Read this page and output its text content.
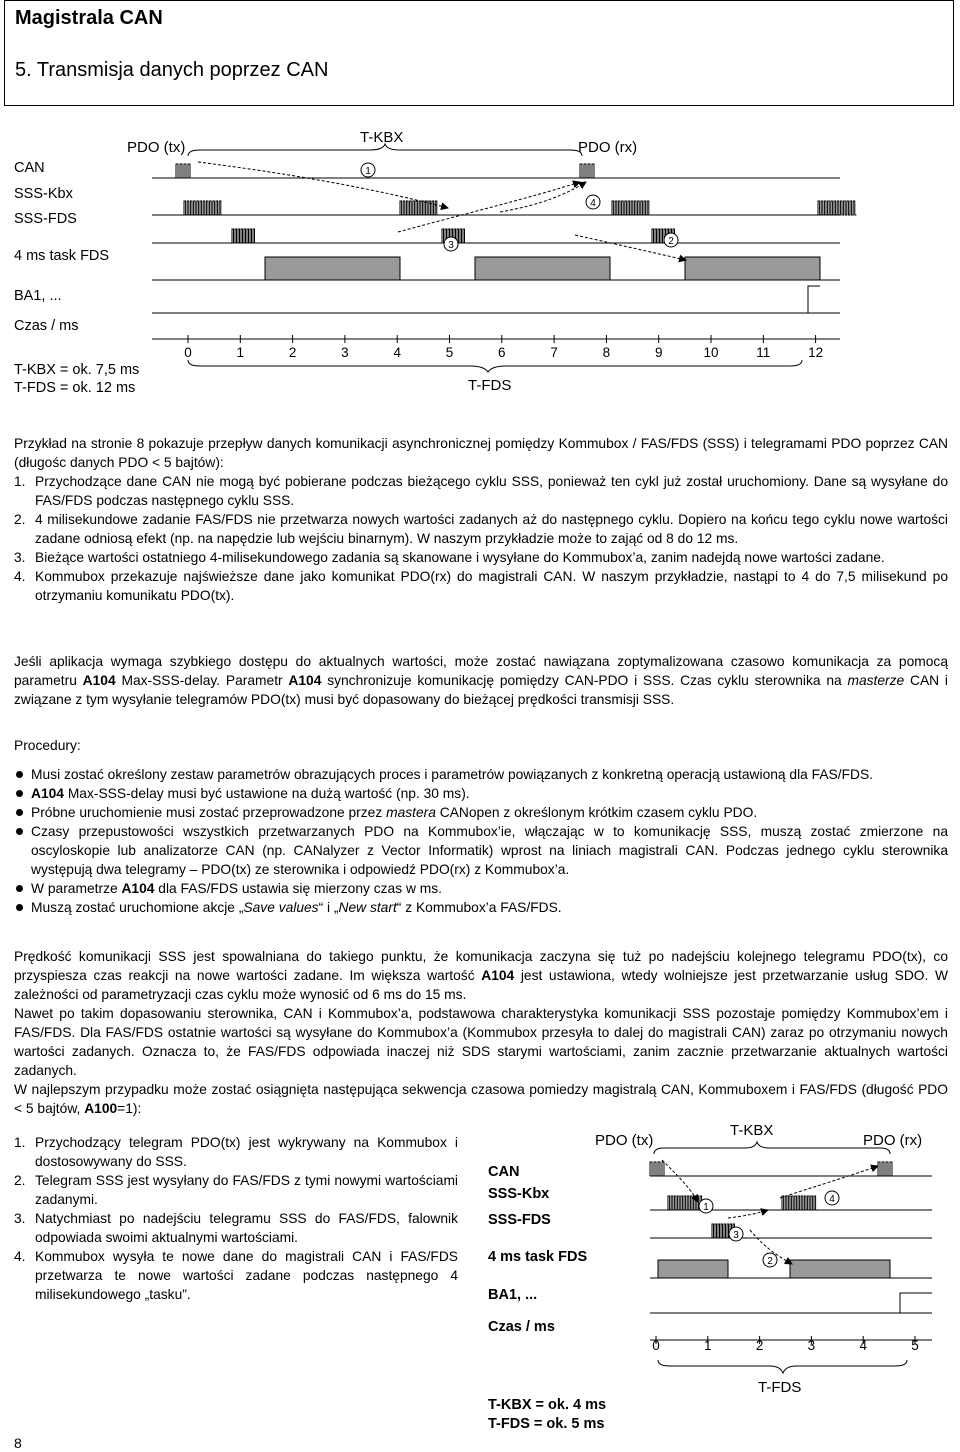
Magistrala CAN
5. Transmisja danych poprzez CAN
PDO (tx)
T-KBX
PDO (rx)
CAN
SSS-Kbx
SSS-FDS
4 ms task FDS
BA1, ...
Czas / ms
T-KBX = ok. 7,5 ms
T-FDS = ok. 12 ms
1
2
3
4
0	1	2	3	4	5	6	7	8	9	10	11	12
T-FDS
Przykład na stronie 8 pokazuje przepływ danych komunikacji asynchronicznej pomiędzy Kommubox / FAS/FDS (SSS) i telegramami PDO poprzez CAN (długośc danych PDO < 5 bajtów):
1. Przychodzące dane CAN nie mogą być pobierane podczas bieżącego cyklu SSS, ponieważ ten cykl już został uruchomiony. Dane są wysyłane do FAS/FDS podczas następnego cyklu SSS.
2. 4 milisekundowe zadanie FAS/FDS nie przetwarza nowych wartości zadanych aż do następnego cyklu. Dopiero na końcu tego cyklu nowe wartości zadane odniosą efekt (np. na napędzie lub wejściu binarnym). W naszym przykładzie może to zająć od 8 do 12 ms.
3. Bieżące wartości ostatniego 4-milisekundowego zadania są skanowane i wysyłane do Kommubox’a, zanim nadejdą nowe wartości zadane.
4. Kommubox przekazuje najświeższe dane jako komunikat PDO(rx) do magistrali CAN. W naszym przykładzie, nastąpi to 4 do 7,5 milisekund po otrzymaniu komunikatu PDO(tx).

Jeśli aplikacja wymaga szybkiego dostępu do aktualnych wartości, może zostać nawiązana zoptymalizowana czasowo komunikacja za pomocą parametru A104 Max-SSS-delay. Parametr A104 synchronizuje komunikację pomiędzy CAN-PDO i SSS. Czas cyklu sterownika na masterze CAN i związane z tym wysyłanie telegramów PDO(tx) musi być dopasowany do bieżącej prędkości transmisji SSS.

Procedury:
Musi zostać określony zestaw parametrów obrazujących proces i parametrów powiązanych z konkretną operacją ustawioną dla FAS/FDS.
A104 Max-SSS-delay musi być ustawione na dużą wartość (np. 30 ms).
Próbne uruchomienie musi zostać przeprowadzone przez mastera CANopen z określonym krótkim czasem cyklu PDO.
Czasy przepustowości wszystkich przetwarzanych PDO na Kommubox’ie, włączając w to komunikację SSS, muszą zostać zmierzone na oscyloskopie lub analizatorze CAN (np. CANalyzer z Vector Informatik) wprost na liniach magistrali CAN. Podczas jednego cyklu sterownika występują dwa telegramy – PDO(tx) ze sterownika i odpowiedź PDO(rx) z Kommubox’a.
W parametrze A104 dla FAS/FDS ustawia się mierzony czas w ms.
Muszą zostać uruchomione akcje „Save values“ i „New start“ z Kommubox’a FAS/FDS.
Prędkość komunikacji SSS jest spowalniana do takiego punktu, że komunikacja zaczyna się tuż po nadejściu kolejnego telegramu PDO(tx), co przyspiesza czas reakcji na nowe wartości zadane. Im większa wartość A104 jest ustawiona, wtedy wolniejsze jest przetwarzanie usług SDO. W zależności od parametryzacji czas cyklu może wynosić od 6 ms do 15 ms.
Nawet po takim dopasowaniu sterownika, CAN i Kommubox’a, podstawowa charakterystyka komunikacji SSS pozostaje pomiędzy Kommubox’em i FAS/FDS. Dla FAS/FDS ostatnie wartości są wysyłane do Kommubox’a (Kommubox przesyła to dalej do magistrali CAN) zaraz po otrzymaniu nowych wartości zadanych. Oznacza to, że FAS/FDS odpowiada inaczej niż SDS starymi wartościami, zanim zacznie przetwarzanie aktualnych wartości zadanych.
W najlepszym przypadku może zostać osiągnięta następująca sekwencja czasowa pomiedzy magistralą CAN, Kommuboxem i FAS/FDS (długość PDO < 5 bajtów, A100=1):
1. Przychodzący telegram PDO(tx) jest wykrywany na Kommubox i dostosowywany do SSS.
2. Telegram SSS jest wysyłany do FAS/FDS z tymi nowymi wartościami zadanymi.
3. Natychmiast po nadejściu telegramu SSS do FAS/FDS, falownik odpowiada swoimi aktualnymi wartościami.
4. Kommubox wysyła te nowe dane do magistrali CAN i FAS/FDS przetwarza te nowe wartości zadane podczas następnego 4 milisekundowego „tasku”.
PDO (tx)
T-KBX
PDO (rx)
CAN
SSS-Kbx
SSS-FDS
4 ms task FDS
BA1, ...
Czas / ms
T-KBX = ok. 4 ms
T-FDS = ok. 5 ms
1
2
3
4
0	1	2	3	4	5
T-FDS
8
